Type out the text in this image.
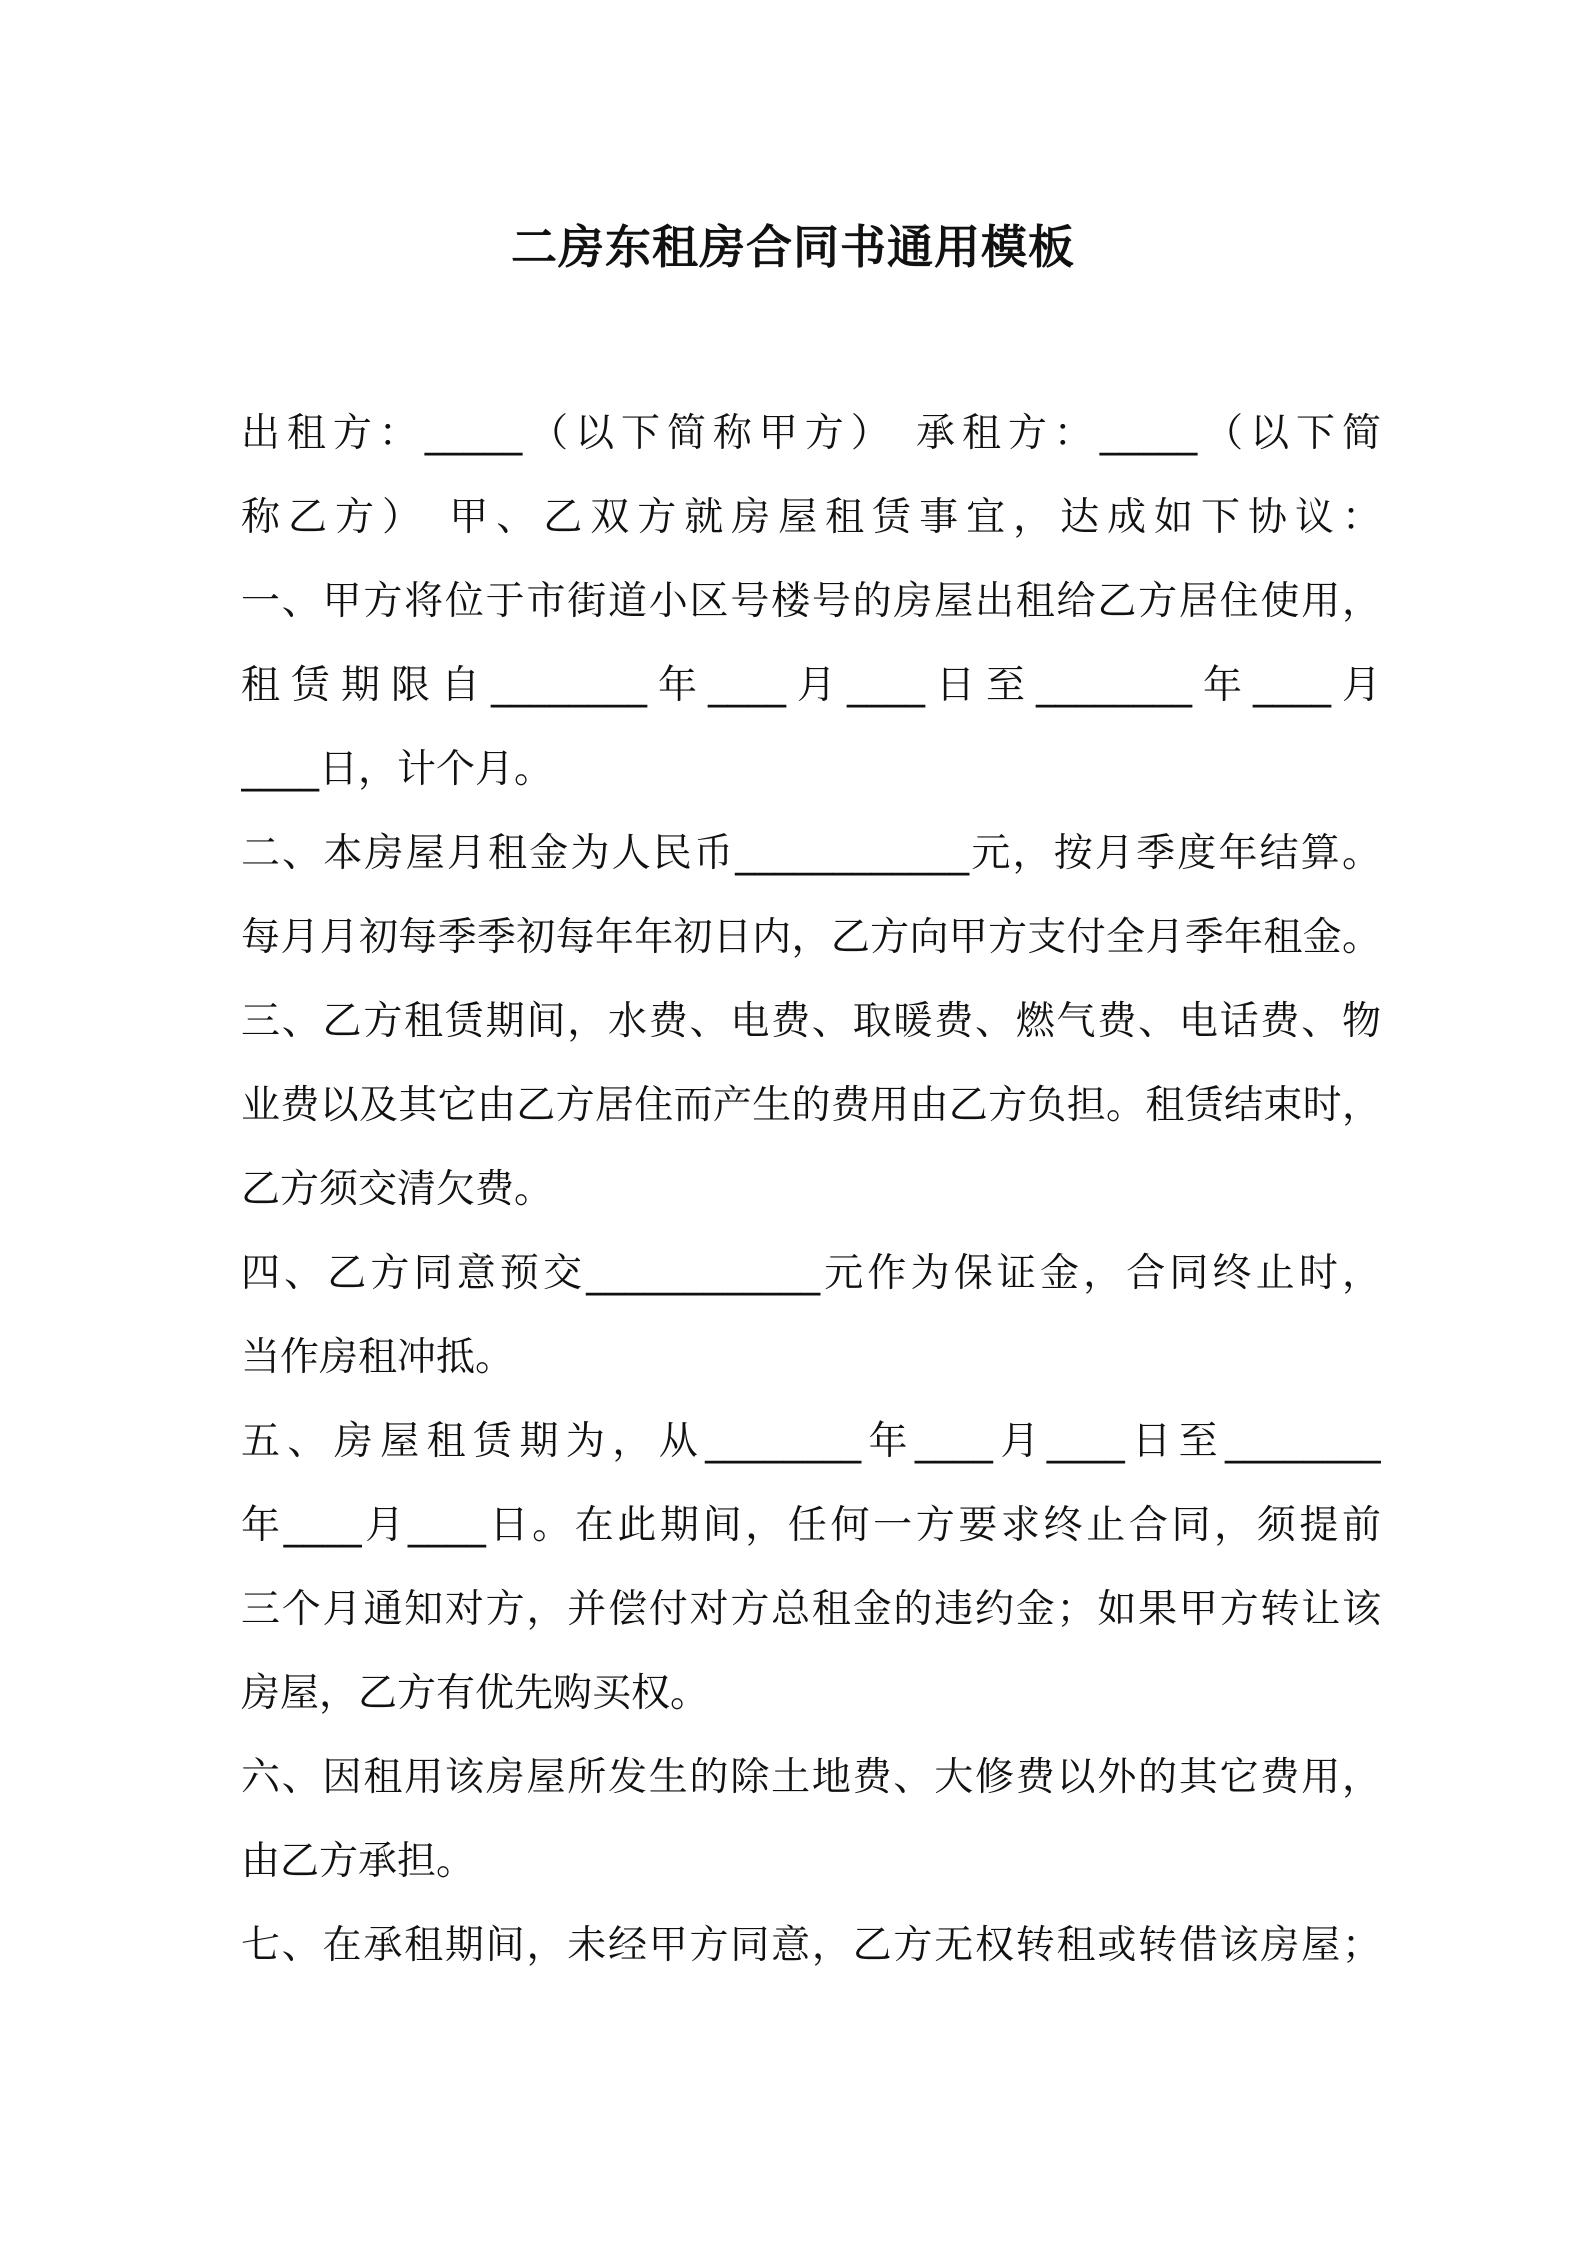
二房东租房合同书通用模板

出租方：_____（以下简称甲方） 承租方：_____（以下简

称乙方） 甲、乙双方就房屋租赁事宜，达成如下协议：

一、甲方将位于市街道小区号楼号的房屋出租给乙方居住使用，

租赁期限自________年____月____日至________年____月

____日，计个月。

二、本房屋月租金为人民币____________元，按月季度年结算。

每月月初每季季初每年年初日内，乙方向甲方支付全月季年租金。

三、乙方租赁期间，水费、电费、取暖费、燃气费、电话费、物

业费以及其它由乙方居住而产生的费用由乙方负担。租赁结束时，

乙方须交清欠费。

四、乙方同意预交____________元作为保证金，合同终止时，

当作房租冲抵。

五、房屋租赁期为，从________年____月____日至________

年____月____日。在此期间，任何一方要求终止合同，须提前

三个月通知对方，并偿付对方总租金的违约金；如果甲方转让该

房屋，乙方有优先购买权。

六、因租用该房屋所发生的除土地费、大修费以外的其它费用，

由乙方承担。

七、在承租期间，未经甲方同意，乙方无权转租或转借该房屋；
